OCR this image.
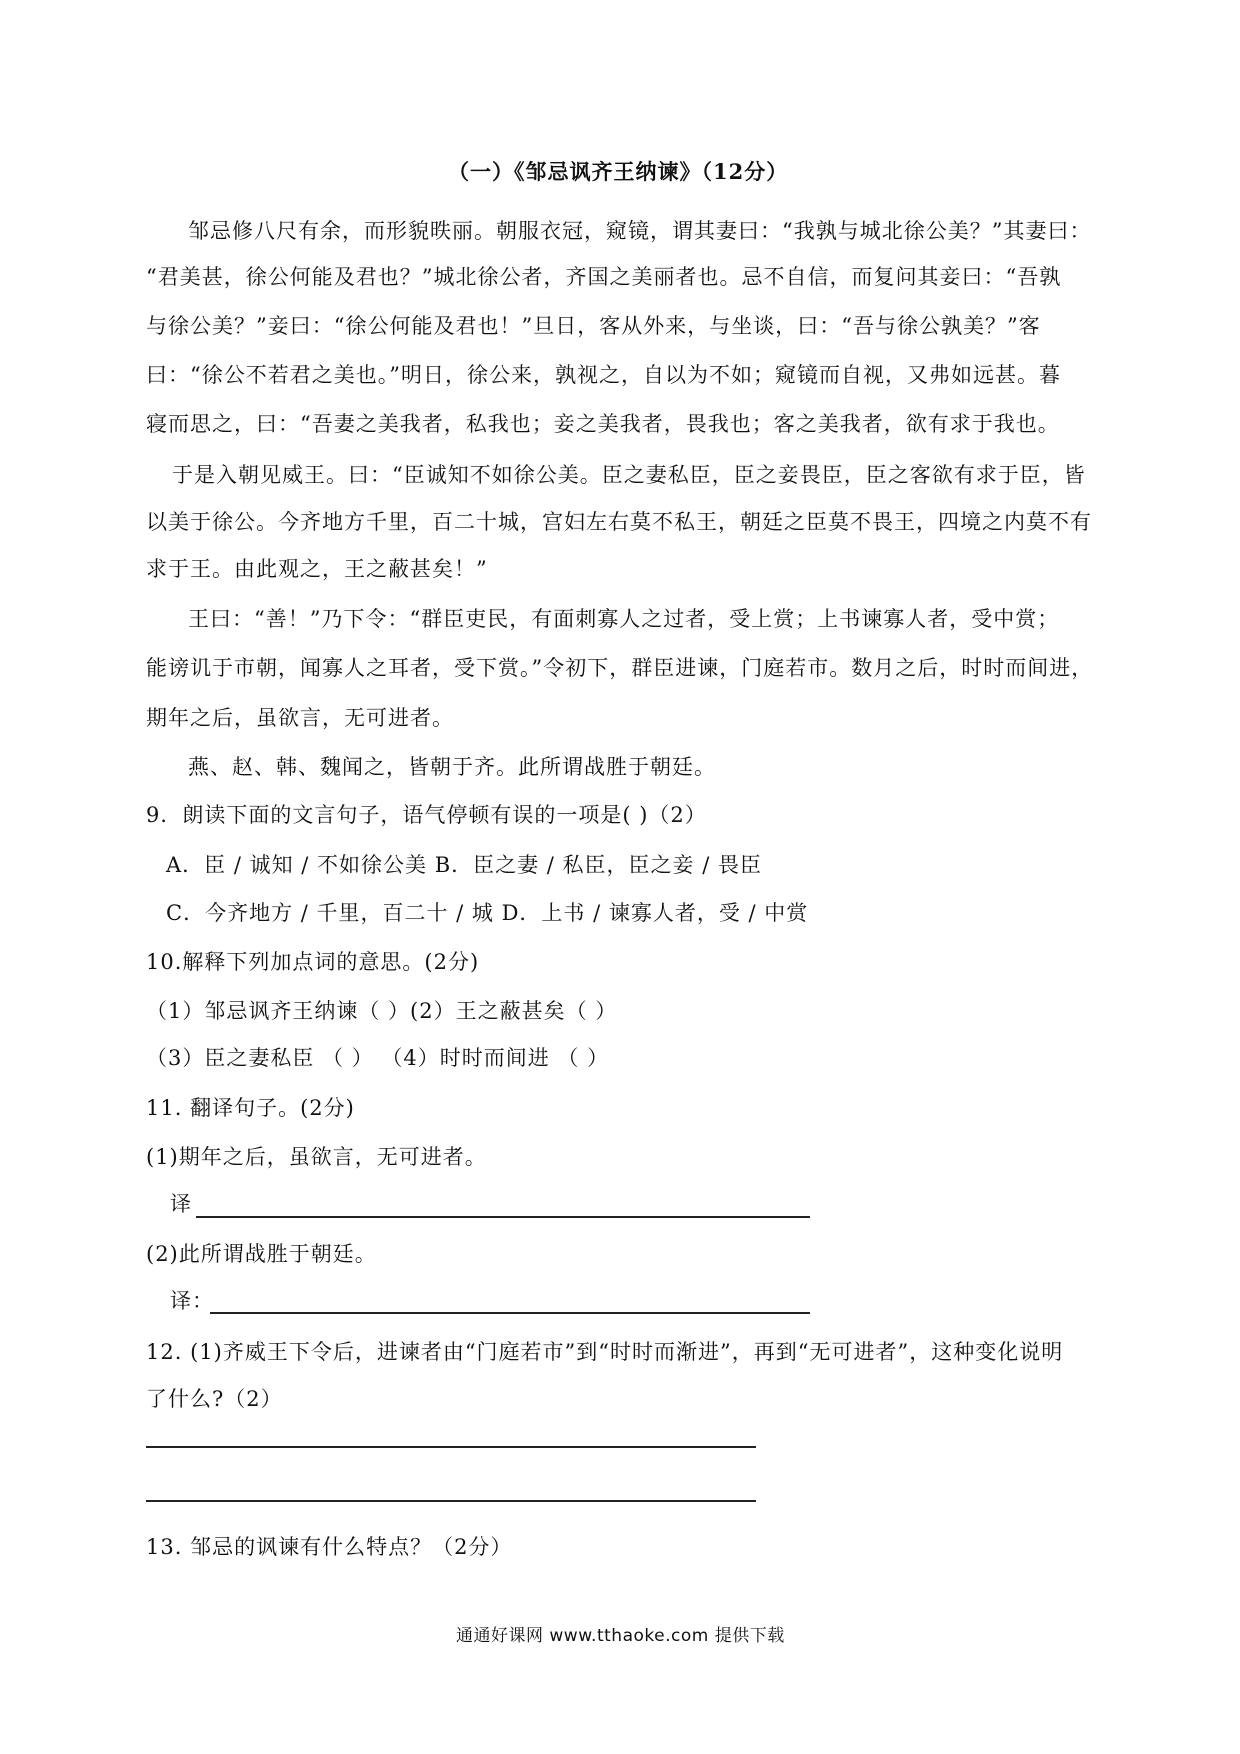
（一）《邹忌讽齐王纳谏》（12分）
邹忌修八尺有余，而形貌昳丽。朝服衣冠，窥镜，谓其妻曰：“我孰与城北徐公美？”其妻曰：
“君美甚，徐公何能及君也？”城北徐公者，齐国之美丽者也。忌不自信，而复问其妾曰：“吾孰
与徐公美？”妾曰：“徐公何能及君也！”旦日，客从外来，与坐谈，曰：“吾与徐公孰美？”客
曰：“徐公不若君之美也。”明日，徐公来，孰视之，自以为不如；窥镜而自视，又弗如远甚。暮
寝而思之，曰：“吾妻之美我者，私我也；妾之美我者，畏我也；客之美我者，欲有求于我也。
于是入朝见威王。曰：“臣诚知不如徐公美。臣之妻私臣，臣之妾畏臣，臣之客欲有求于臣，皆
以美于徐公。今齐地方千里，百二十城，宫妇左右莫不私王，朝廷之臣莫不畏王，四境之内莫不有
求于王。由此观之，王之蔽甚矣！”
王曰：“善！”乃下令：“群臣吏民，有面刺寡人之过者，受上赏；上书谏寡人者，受中赏；
能谤讥于市朝，闻寡人之耳者，受下赏。”令初下，群臣进谏，门庭若市。数月之后，时时而间进，
期年之后，虽欲言，无可进者。
燕、赵、韩、魏闻之，皆朝于齐。此所谓战胜于朝廷。
9．朗读下面的文言句子，语气停顿有误的一项是( )（2）
A．臣 / 诚知 / 不如徐公美 B．臣之妻 / 私臣，臣之妾 / 畏臣
C．今齐地方 / 千里，百二十 / 城 D．上书 / 谏寡人者，受 / 中赏
10.解释下列加点词的意思。(2分)
（1）邹忌讽齐王纳谏（ ）(2）王之蔽甚矣（ ）
（3）臣之妻私臣 （ ） （4）时时而间进 （ ）
11. 翻译句子。(2分)
(1)期年之后，虽欲言，无可进者。
译
(2)此所谓战胜于朝廷。
译：
12. (1)齐威王下令后，进谏者由“门庭若市”到“时时而渐进”，再到“无可进者”，这种变化说明
了什么?（2）
13. 邹忌的讽谏有什么特点？（2分）
通通好课网 www.tthaoke.com 提供下载
